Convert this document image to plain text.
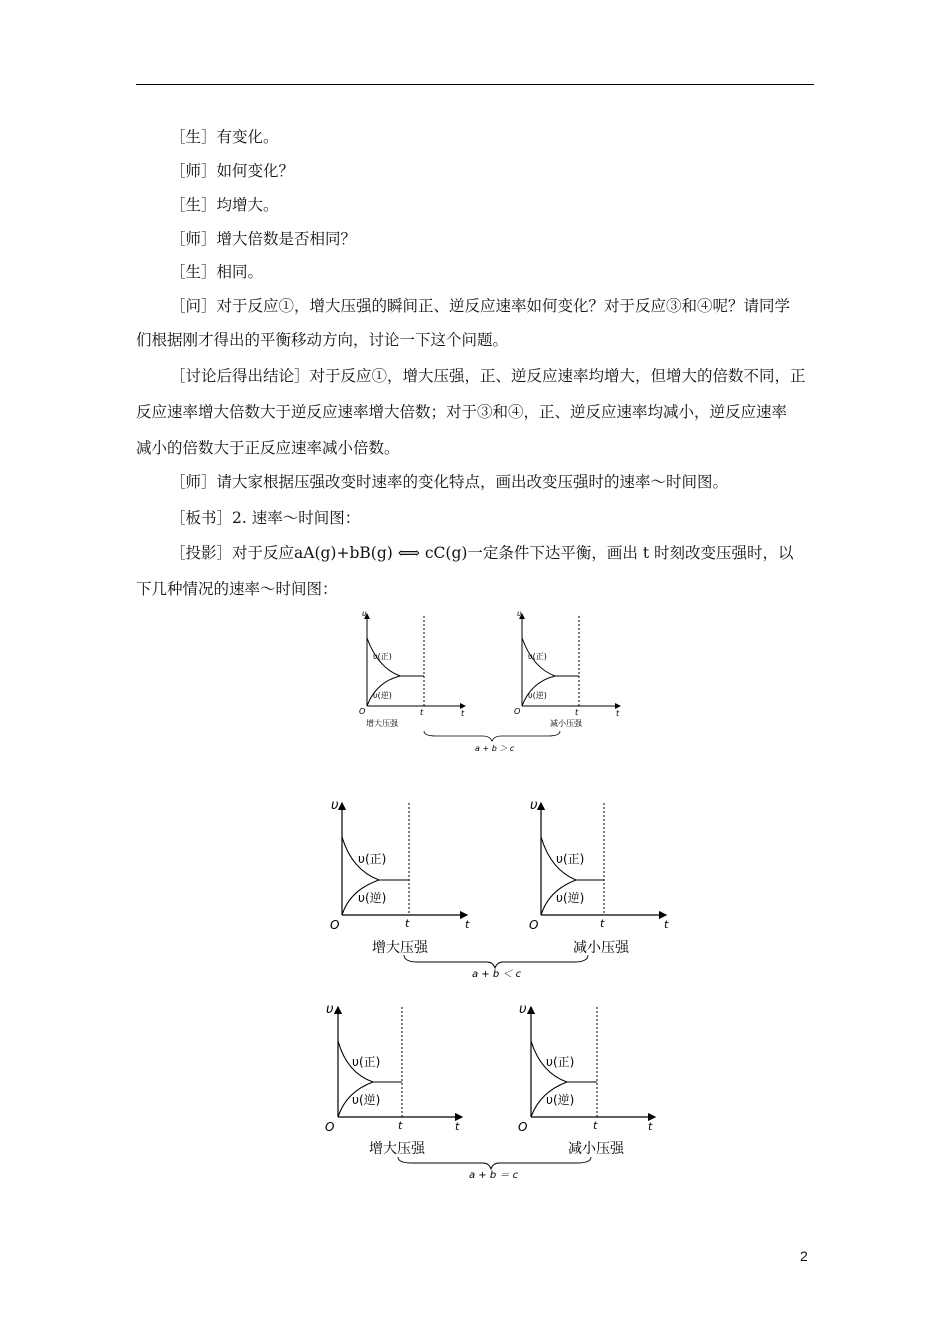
［生］有变化。
［师］如何变化？
［生］均增大。
［师］增大倍数是否相同？
［生］相同。
［问］对于反应①，增大压强的瞬间正、逆反应速率如何变化？对于反应③和④呢？请同学
们根据刚才得出的平衡移动方向，讨论一下这个问题。
［讨论后得出结论］对于反应①，增大压强，正、逆反应速率均增大，但增大的倍数不同，正
反应速率增大倍数大于逆反应速率增大倍数；对于③和④，正、逆反应速率均减小，逆反应速率
减小的倍数大于正反应速率减小倍数。
［师］请大家根据压强改变时速率的变化特点，画出改变压强时的速率～时间图。
［板书］2. 速率～时间图：
［投影］对于反应aA(g)+bB(g) ⟺ cC(g)一定条件下达平衡，画出 t 时刻改变压强时，以
下几种情况的速率～时间图：
υ
t
O	t
υ(正)
υ(逆)
增大压强
υ
t
O	t
υ(正)
υ(逆)
减小压强
a + b ＞ c
υ
t
O	t
υ(正)
υ(逆)
增大压强
υ
t
O	t
υ(正)
υ(逆)
减小压强
a + b ＜ c
υ
t
O	t
υ(正)
υ(逆)
增大压强
υ
t
O	t
υ(正)
υ(逆)
减小压强
a + b ＝ c
2
